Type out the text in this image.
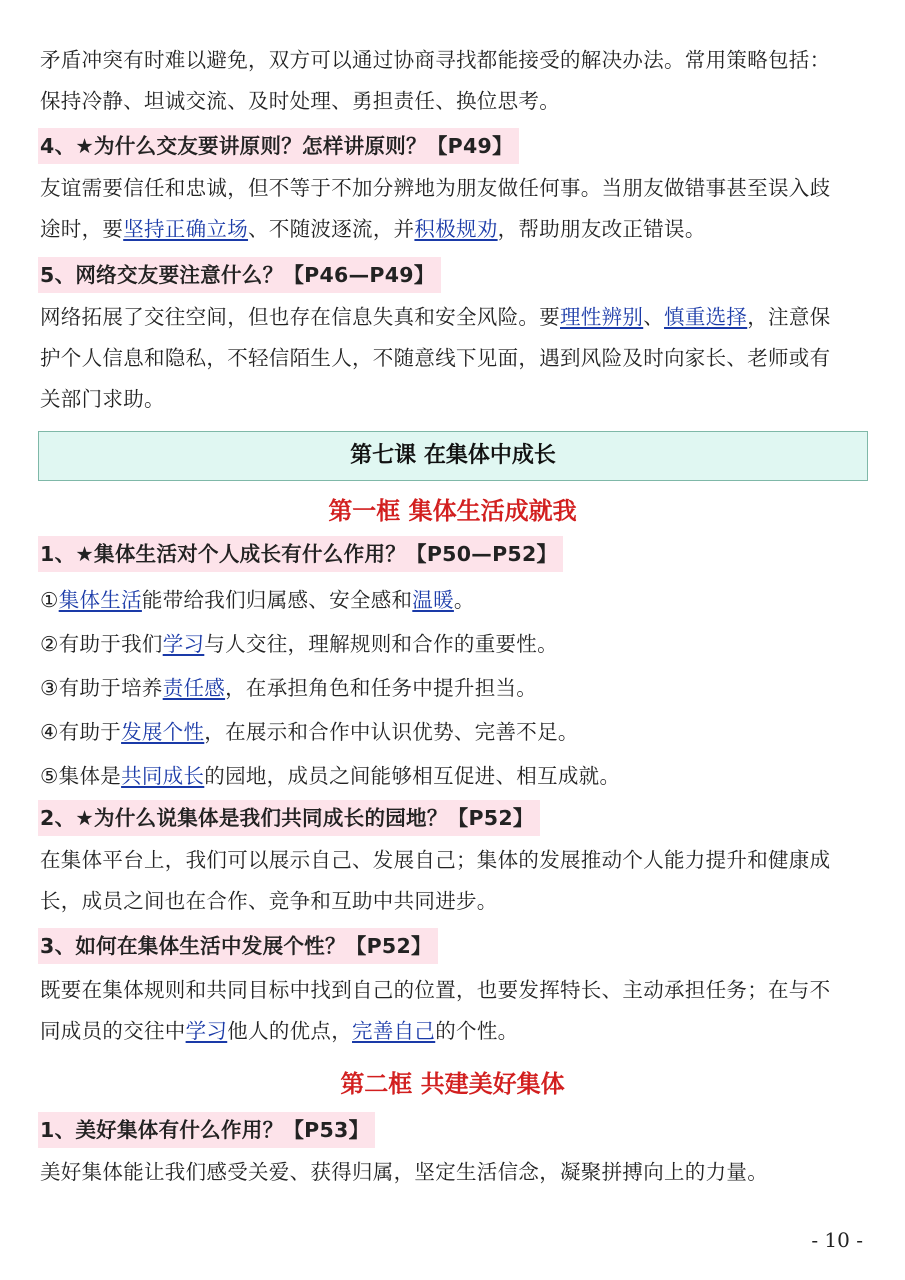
矛盾冲突有时难以避免，双方可以通过协商寻找都能接受的解决办法。常用策略包括：

保持冷静、坦诚交流、及时处理、勇担责任、换位思考。

4、★为什么交友要讲原则？怎样讲原则？【P49】

友谊需要信任和忠诚，但不等于不加分辨地为朋友做任何事。当朋友做错事甚至误入歧

途时，要坚持正确立场、不随波逐流，并积极规劝，帮助朋友改正错误。

5、网络交友要注意什么？【P46—P49】

网络拓展了交往空间，但也存在信息失真和安全风险。要理性辨别、慎重选择，注意保

护个人信息和隐私，不轻信陌生人，不随意线下见面，遇到风险及时向家长、老师或有

关部门求助。

第七课 在集体中成长
第一框 集体生活成就我
1、★集体生活对个人成长有什么作用？【P50—P52】

①集体生活能带给我们归属感、安全感和温暖。

②有助于我们学习与人交往，理解规则和合作的重要性。

③有助于培养责任感，在承担角色和任务中提升担当。

④有助于发展个性，在展示和合作中认识优势、完善不足。

⑤集体是共同成长的园地，成员之间能够相互促进、相互成就。

2、★为什么说集体是我们共同成长的园地？【P52】

在集体平台上，我们可以展示自己、发展自己；集体的发展推动个人能力提升和健康成

长，成员之间也在合作、竞争和互助中共同进步。

3、如何在集体生活中发展个性？【P52】

既要在集体规则和共同目标中找到自己的位置，也要发挥特长、主动承担任务；在与不

同成员的交往中学习他人的优点，完善自己的个性。

第二框 共建美好集体
1、美好集体有什么作用？【P53】

美好集体能让我们感受关爱、获得归属，坚定生活信念，凝聚拼搏向上的力量。

- 10 -
